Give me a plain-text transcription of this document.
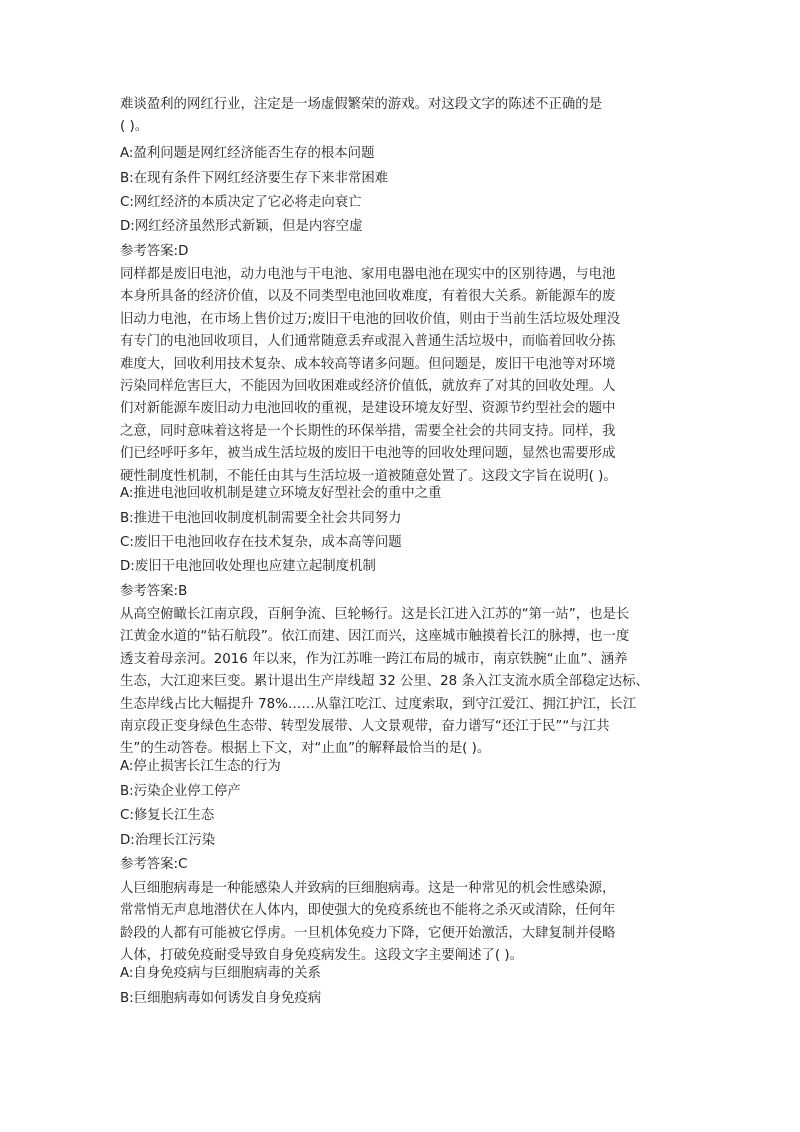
难谈盈利的网红行业，注定是一场虚假繁荣的游戏。对这段文字的陈述不正确的是
( )。
A:盈利问题是网红经济能否生存的根本问题
B:在现有条件下网红经济要生存下来非常困难
C:网红经济的本质决定了它必将走向衰亡
D:网红经济虽然形式新颖，但是内容空虚
参考答案:D
同样都是废旧电池，动力电池与干电池、家用电器电池在现实中的区别待遇，与电池
本身所具备的经济价值，以及不同类型电池回收难度，有着很大关系。新能源车的废
旧动力电池，在市场上售价过万;废旧干电池的回收价值，则由于当前生活垃圾处理没
有专门的电池回收项目，人们通常随意丢弃或混入普通生活垃圾中，而临着回收分拣
难度大，回收利用技术复杂、成本较高等诸多问题。但问题是，废旧干电池等对环境
污染同样危害巨大，不能因为回收困难或经济价值低，就放弃了对其的回收处理。人
们对新能源车废旧动力电池回收的重视，是建设环境友好型、资源节约型社会的题中
之意，同时意味着这将是一个长期性的环保举措，需要全社会的共同支持。同样，我
们已经呼吁多年，被当成生活垃圾的废旧干电池等的回收处理问题，显然也需要形成
硬性制度性机制，不能任由其与生活垃圾一道被随意处置了。这段文字旨在说明( )。
A:推进电池回收机制是建立环境友好型社会的重中之重
B:推进干电池回收制度机制需要全社会共同努力
C:废旧干电池回收存在技术复杂，成本高等问题
D:废旧干电池回收处理也应建立起制度机制
参考答案:B
从高空俯瞰长江南京段，百舸争流、巨轮畅行。这是长江进入江苏的“第一站”，也是长
江黄金水道的“钻石航段”。依江而建、因江而兴，这座城市触摸着长江的脉搏，也一度
透支着母亲河。2016 年以来，作为江苏唯一跨江布局的城市，南京铁腕“止血”、涵养
生态，大江迎来巨变。累计退出生产岸线超 32 公里、28 条入江支流水质全部稳定达标、
生态岸线占比大幅提升 78%……从靠江吃江、过度索取，到守江爱江、拥江护江，长江
南京段正变身绿色生态带、转型发展带、人文景观带，奋力谱写“还江于民”“与江共
生”的生动答卷。根据上下文，对“止血”的解释最恰当的是( )。
A:停止损害长江生态的行为
B:污染企业停工停产
C:修复长江生态
D:治理长江污染
参考答案:C
人巨细胞病毒是一种能感染人并致病的巨细胞病毒。这是一种常见的机会性感染源，
常常悄无声息地潜伏在人体内，即使强大的免疫系统也不能将之杀灭或清除，任何年
龄段的人都有可能被它俘虏。一旦机体免疫力下降，它便开始激活，大肆复制并侵略
人体，打破免疫耐受导致自身免疫病发生。这段文字主要阐述了( )。
A:自身免疫病与巨细胞病毒的关系
B:巨细胞病毒如何诱发自身免疫病
